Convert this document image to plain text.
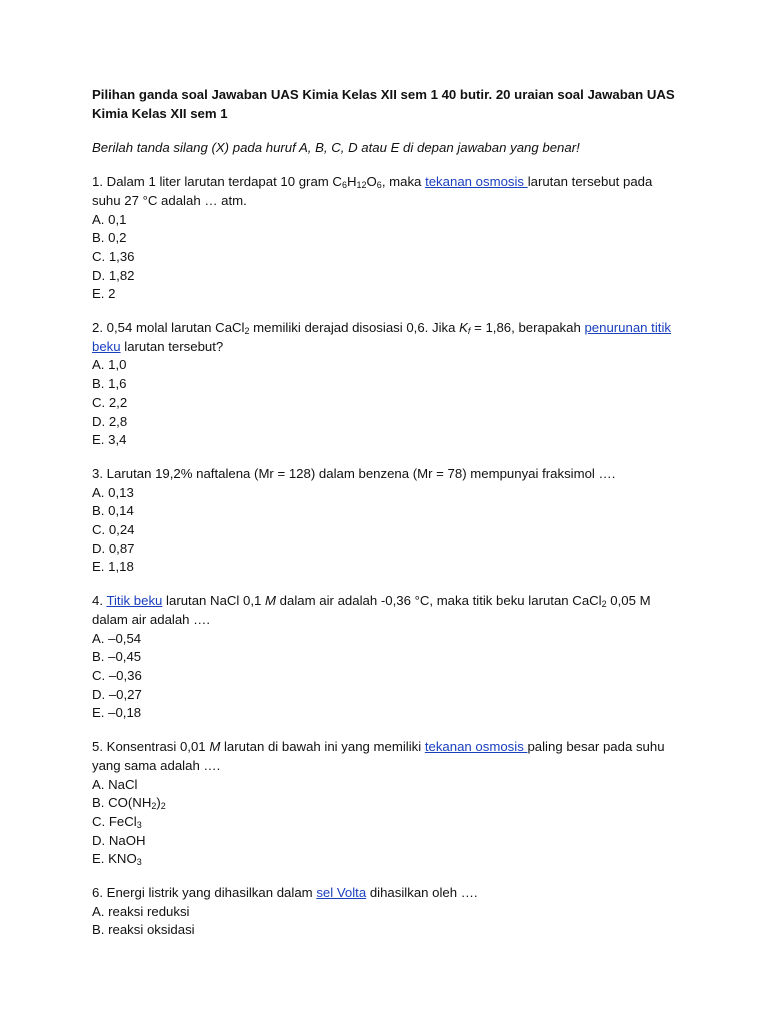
Pilihan ganda soal Jawaban UAS Kimia Kelas XII sem 1 40 butir. 20 uraian soal Jawaban UAS Kimia Kelas XII sem 1

Berilah tanda silang (X) pada huruf A, B, C, D atau E di depan jawaban yang benar!

1. Dalam 1 liter larutan terdapat 10 gram $C_6H_{12}O_6$, maka tekanan osmosis larutan tersebut pada suhu 27 °C adalah … atm.

A. 0,1

B. 0,2

C. 1,36

D. 1,82

E. 2

2. 0,54 molal larutan CaCl$_2$ memiliki derajad disosiasi 0,6. Jika $K_f = 1,86$, berapakah penurunan titik beku larutan tersebut?

A. 1,0

B. 1,6

C. 2,2

D. 2,8

E. 3,4

3. Larutan 19,2% naftalena (Mr = 128) dalam benzena (Mr = 78) mempunyai fraksimol ….

A. 0,13

B. 0,14

C. 0,24

D. 0,87

E. 1,18

4. Titik beku larutan NaCl 0,1 M dalam air adalah -0,36 °C, maka titik beku larutan CaCl$_2$ 0,05 M dalam air adalah ….

A. –0,54

B. –0,45

C. –0,36

D. –0,27

E. –0,18

5. Konsentrasi 0,01 M larutan di bawah ini yang memiliki tekanan osmosis paling besar pada suhu yang sama adalah ….

A. NaCl

B. $CO(NH_2)_2$

C. FeCl$_3$

D. NaOH

E. $KNO_3$

6. Energi listrik yang dihasilkan dalam sel Volta dihasilkan oleh ….

A. reaksi reduksi

B. reaksi oksidasi
